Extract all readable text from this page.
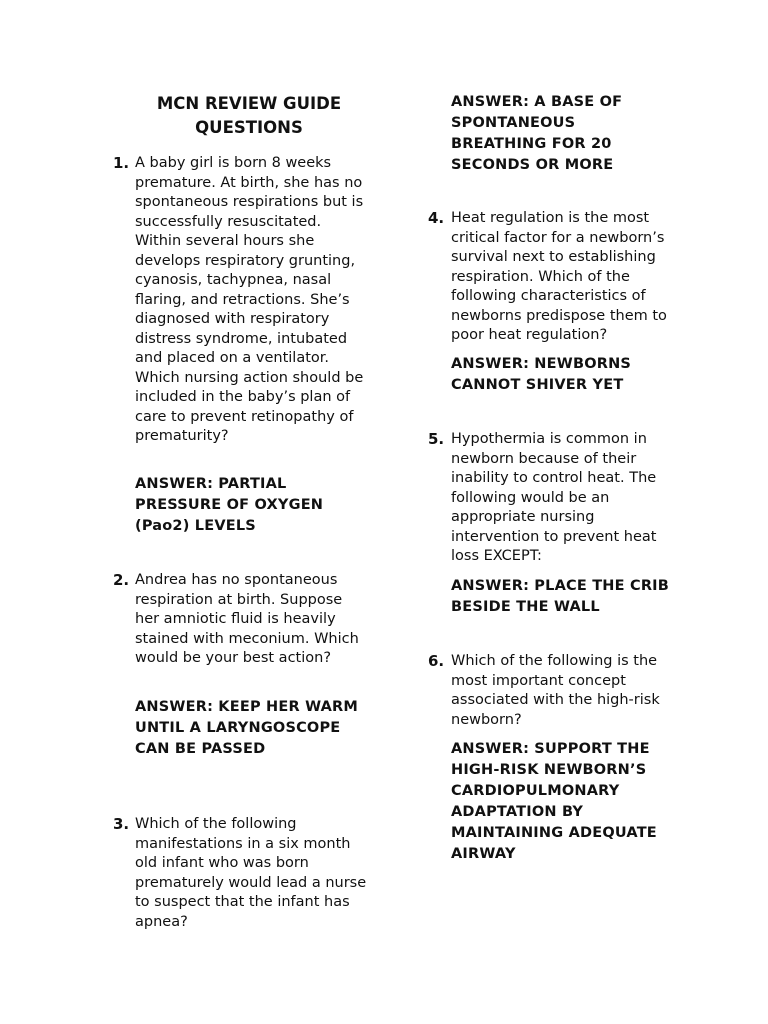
MCN REVIEW GUIDE QUESTIONS
1. A baby girl is born 8 weeks premature. At birth, she has no spontaneous respirations but is successfully resuscitated. Within several hours she develops respiratory grunting, cyanosis, tachypnea, nasal flaring, and retractions. She’s diagnosed with respiratory distress syndrome, intubated and placed on a ventilator. Which nursing action should be included in the baby’s plan of care to prevent retinopathy of prematurity?
ANSWER: PARTIAL PRESSURE OF OXYGEN (Pao2) LEVELS
2. Andrea has no spontaneous respiration at birth. Suppose her amniotic fluid is heavily stained with meconium. Which would be your best action?
ANSWER: KEEP HER WARM UNTIL A LARYNGOSCOPE CAN BE PASSED
3. Which of the following manifestations in a six month old infant who was born prematurely would lead a nurse to suspect that the infant has apnea?
ANSWER: A BASE OF SPONTANEOUS BREATHING FOR 20 SECONDS OR MORE
4. Heat regulation is the most critical factor for a newborn’s survival next to establishing respiration. Which of the following characteristics of newborns predispose them to poor heat regulation?
ANSWER: NEWBORNS CANNOT SHIVER YET
5. Hypothermia is common in newborn because of their inability to control heat. The following would be an appropriate nursing intervention to prevent heat loss EXCEPT:
ANSWER: PLACE THE CRIB BESIDE THE WALL
6. Which of the following is the most important concept associated with the high-risk newborn?
ANSWER: SUPPORT THE HIGH-RISK NEWBORN’S CARDIOPULMONARY ADAPTATION BY MAINTAINING ADEQUATE AIRWAY
